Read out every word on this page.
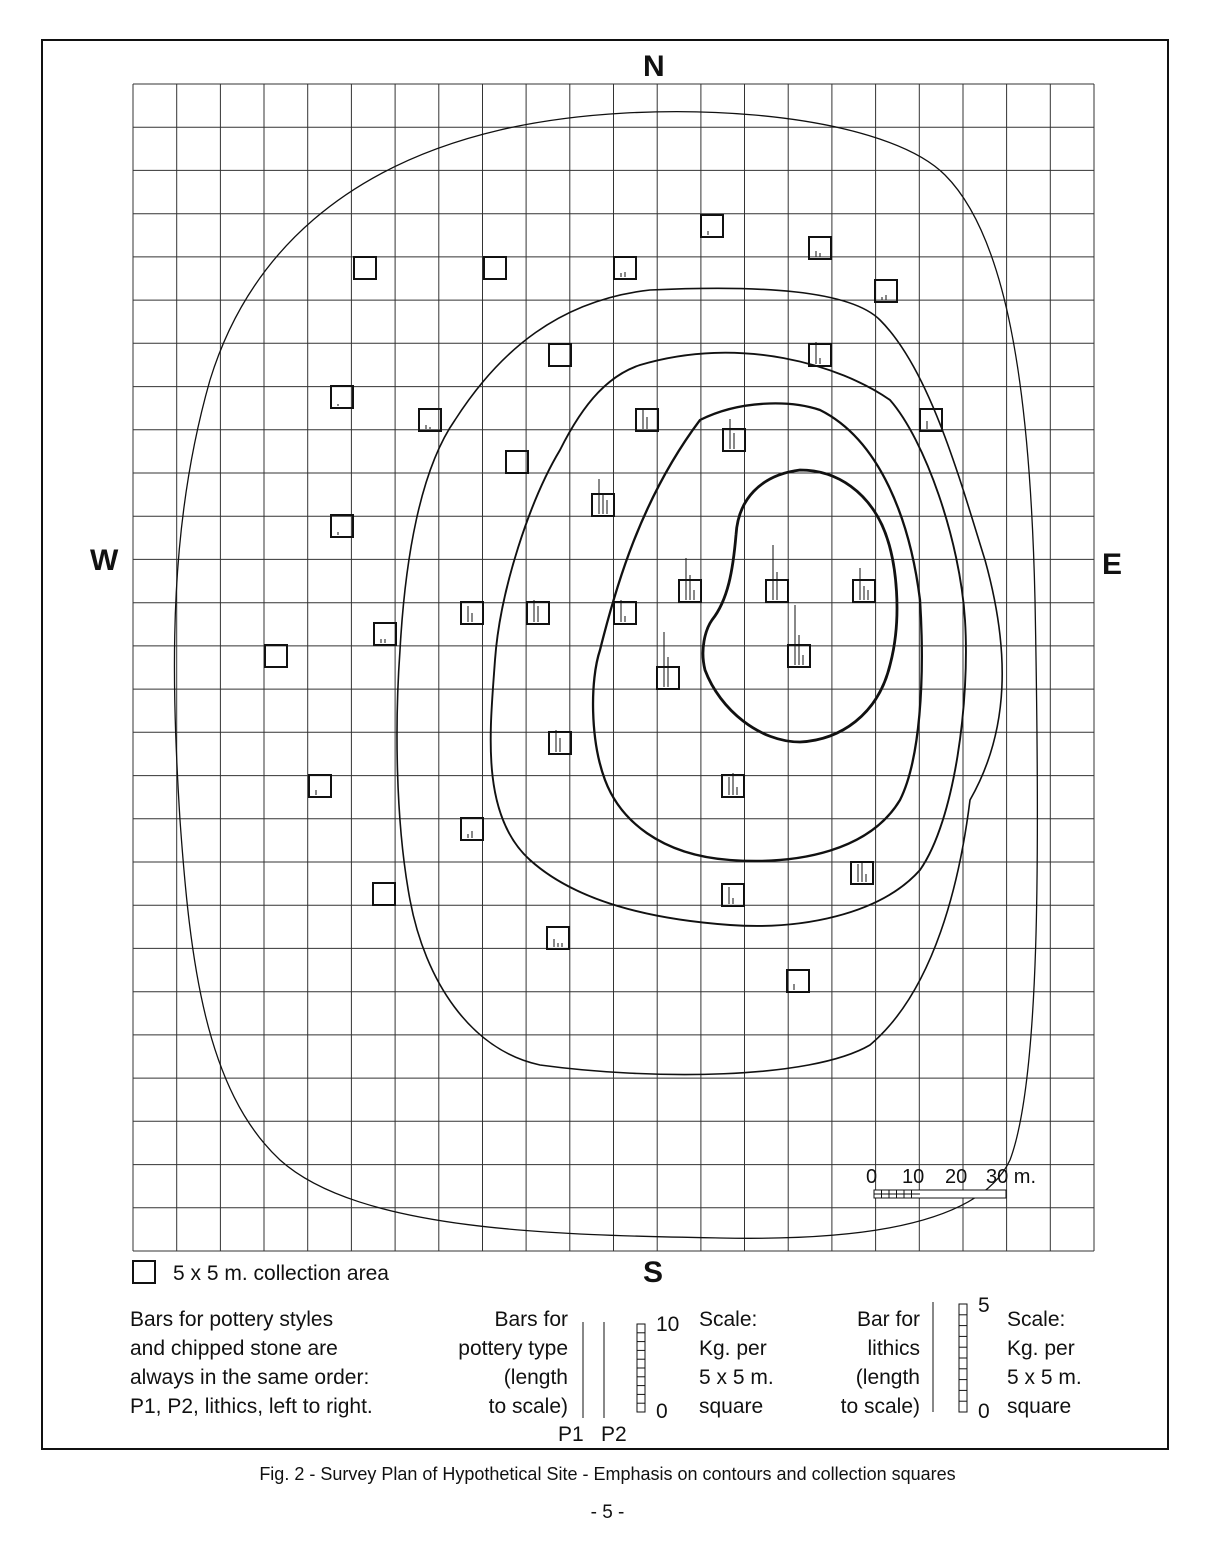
N
S
W	E
0 10 20 30 m.
5 x 5 m. collection area
Bars for pottery styles
and chipped stone are
always in the same order:
P1, P2, lithics, left to right.
Bars for
pottery type
(length
to scale)
10
0
Scale:
Kg. per
5 x 5 m.
square
P1 P2
Bar for
lithics
(length
to scale)
5
0
Scale:
Kg. per
5 x 5 m.
square
Fig. 2 - Survey Plan of Hypothetical Site - Emphasis on contours and collection squares
- 5 -
